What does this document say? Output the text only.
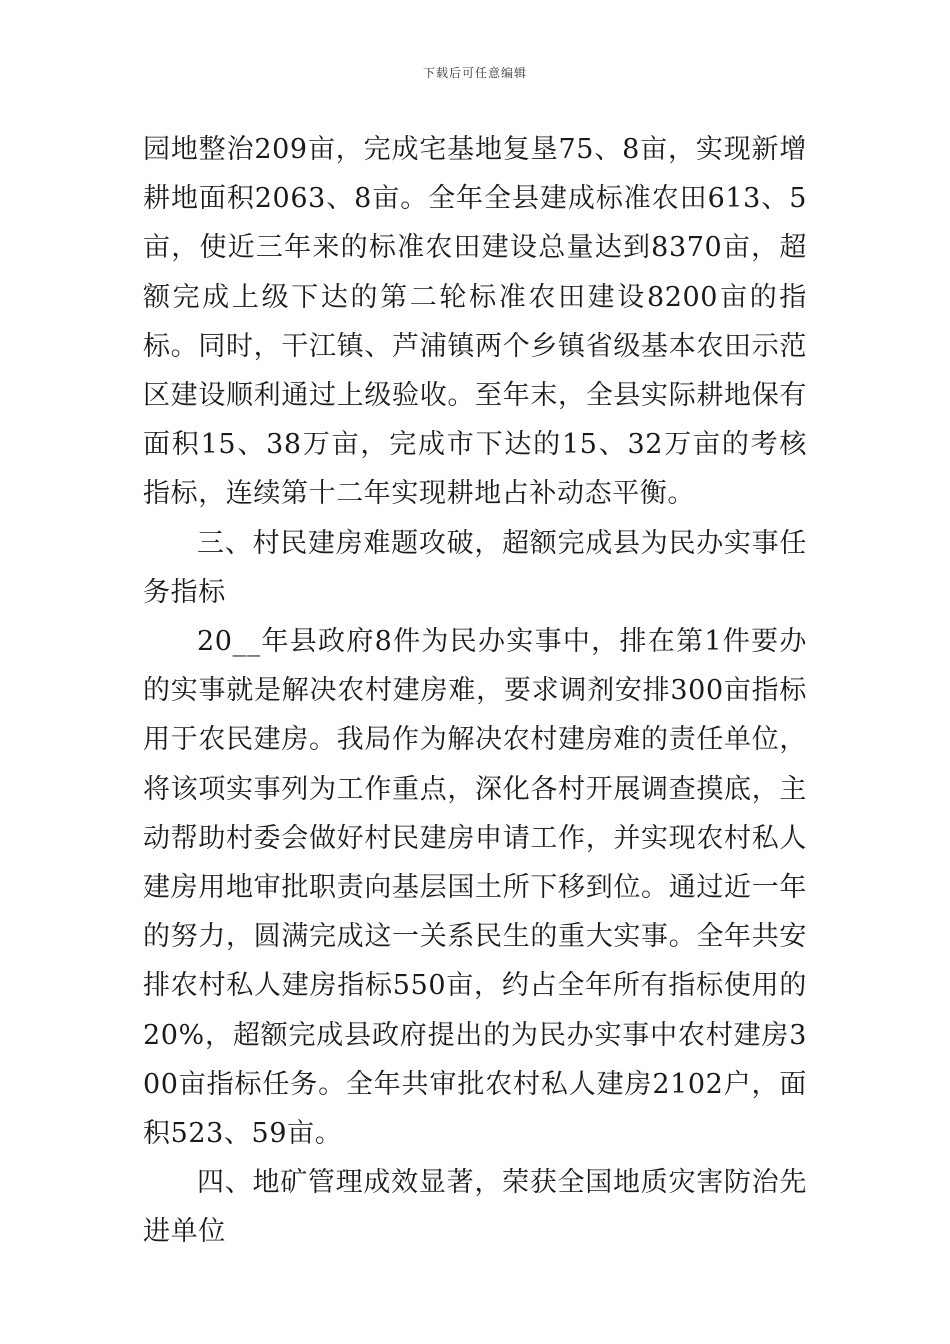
下载后可任意编辑

园地整治209亩，完成宅基地复垦75、8亩，实现新增耕地面积2063、8亩。全年全县建成标准农田613、5亩，使近三年来的标准农田建设总量达到8370亩，超额完成上级下达的第二轮标准农田建设8200亩的指标。同时，干江镇、芦浦镇两个乡镇省级基本农田示范区建设顺利通过上级验收。至年末，全县实际耕地保有面积15、38万亩，完成市下达的15、32万亩的考核指标，连续第十二年实现耕地占补动态平衡。

三、村民建房难题攻破，超额完成县为民办实事任务指标

20__年县政府8件为民办实事中，排在第1件要办的实事就是解决农村建房难，要求调剂安排300亩指标用于农民建房。我局作为解决农村建房难的责任单位，将该项实事列为工作重点，深化各村开展调查摸底，主动帮助村委会做好村民建房申请工作，并实现农村私人建房用地审批职责向基层国土所下移到位。通过近一年的努力，圆满完成这一关系民生的重大实事。全年共安排农村私人建房指标550亩，约占全年所有指标使用的20%，超额完成县政府提出的为民办实事中农村建房300亩指标任务。全年共审批农村私人建房2102户，面积523、59亩。

四、地矿管理成效显著，荣获全国地质灾害防治先进单位
